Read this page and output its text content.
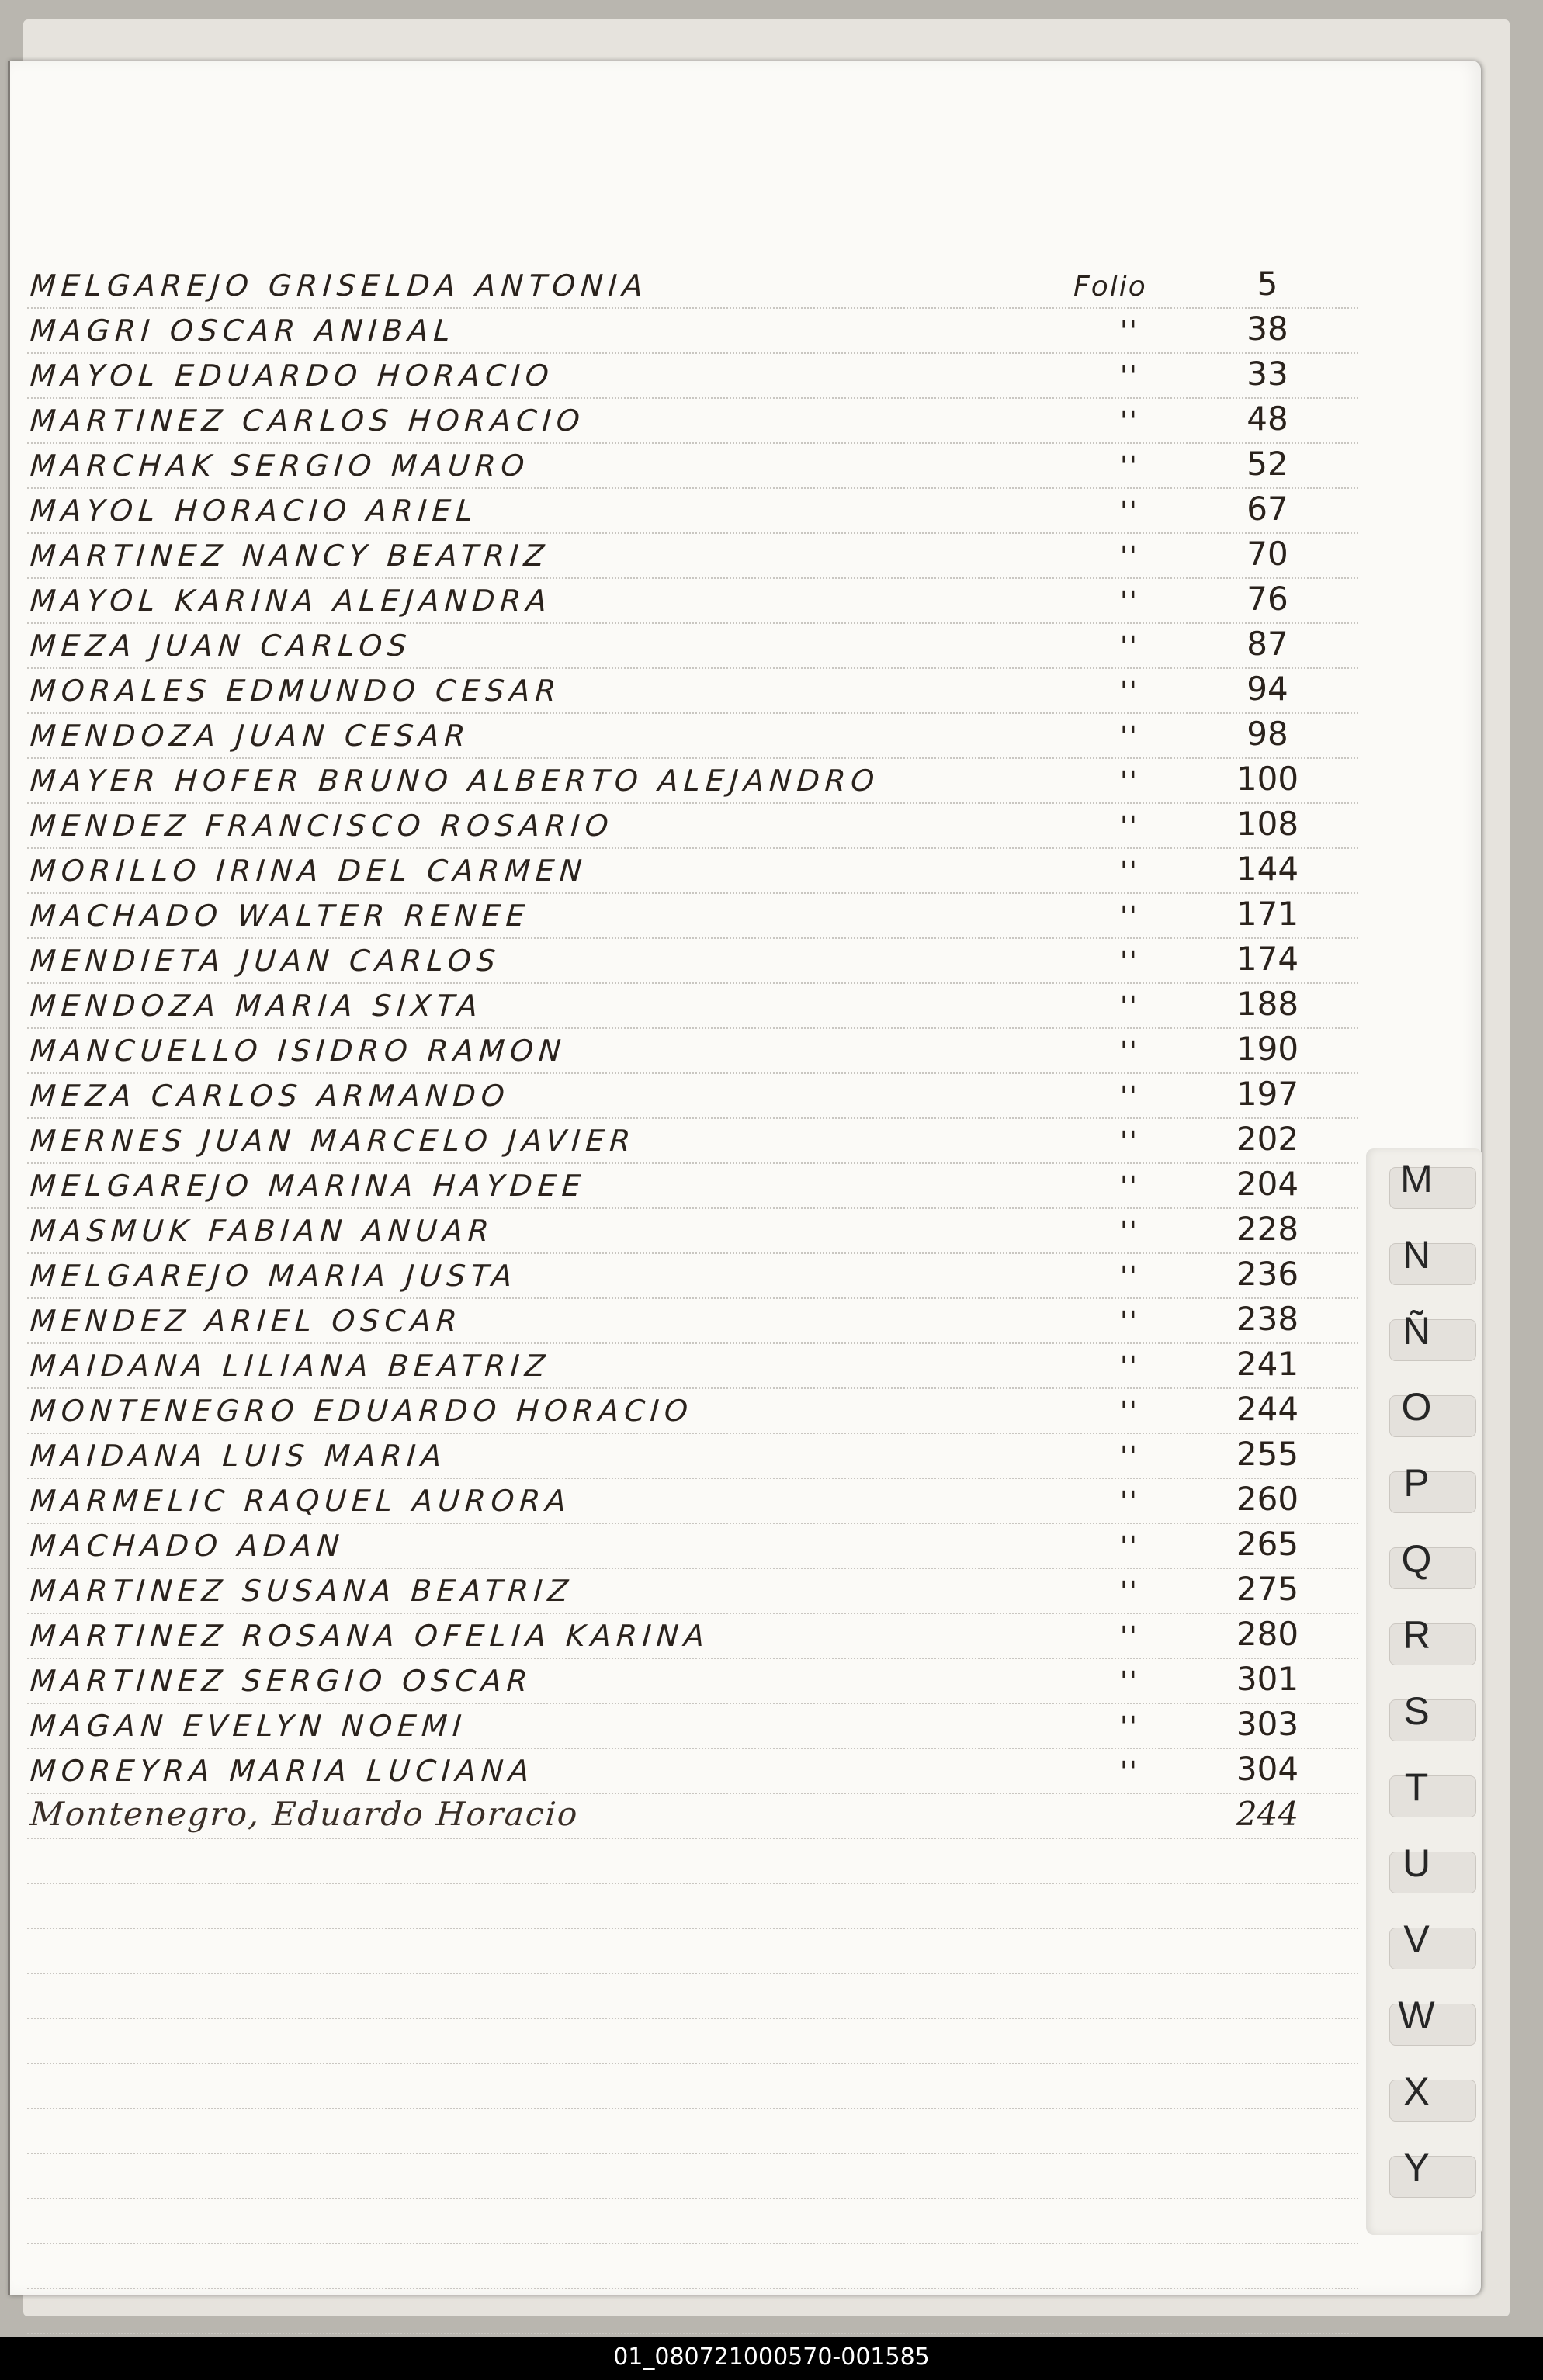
MELGAREJO GRISELDA ANTONIA	Folio	5
MAGRI OSCAR ANIBAL	''	38
MAYOL EDUARDO HORACIO	''	33
MARTINEZ CARLOS HORACIO	''	48
MARCHAK SERGIO MAURO	''	52
MAYOL HORACIO ARIEL	''	67
MARTINEZ NANCY BEATRIZ	''	70
MAYOL KARINA ALEJANDRA	''	76
MEZA JUAN CARLOS	''	87
MORALES EDMUNDO CESAR	''	94
MENDOZA JUAN CESAR	''	98
MAYER HOFER BRUNO ALBERTO ALEJANDRO	''	100
MENDEZ FRANCISCO ROSARIO	''	108
MORILLO IRINA DEL CARMEN	''	144
MACHADO WALTER RENEE	''	171
MENDIETA JUAN CARLOS	''	174
MENDOZA MARIA SIXTA	''	188
MANCUELLO ISIDRO RAMON	''	190
MEZA CARLOS ARMANDO	''	197
MERNES JUAN MARCELO JAVIER	''	202
MELGAREJO MARINA HAYDEE	''	204
MASMUK FABIAN ANUAR	''	228
MELGAREJO MARIA JUSTA	''	236
MENDEZ ARIEL OSCAR	''	238
MAIDANA LILIANA BEATRIZ	''	241
MONTENEGRO EDUARDO HORACIO	''	244
MAIDANA LUIS MARIA	''	255
MARMELIC RAQUEL AURORA	''	260
MACHADO ADAN	''	265
MARTINEZ SUSANA BEATRIZ	''	275
MARTINEZ ROSANA OFELIA KARINA	''	280
MARTINEZ SERGIO OSCAR	''	301
MAGAN EVELYN NOEMI	''	303
MOREYRA MARIA LUCIANA	''	304
Montenegro, Eduardo Horacio	244
M
N
Ñ
O
P
Q
R
S
T
U
V
W
X
Y
01_080721000570-001585
